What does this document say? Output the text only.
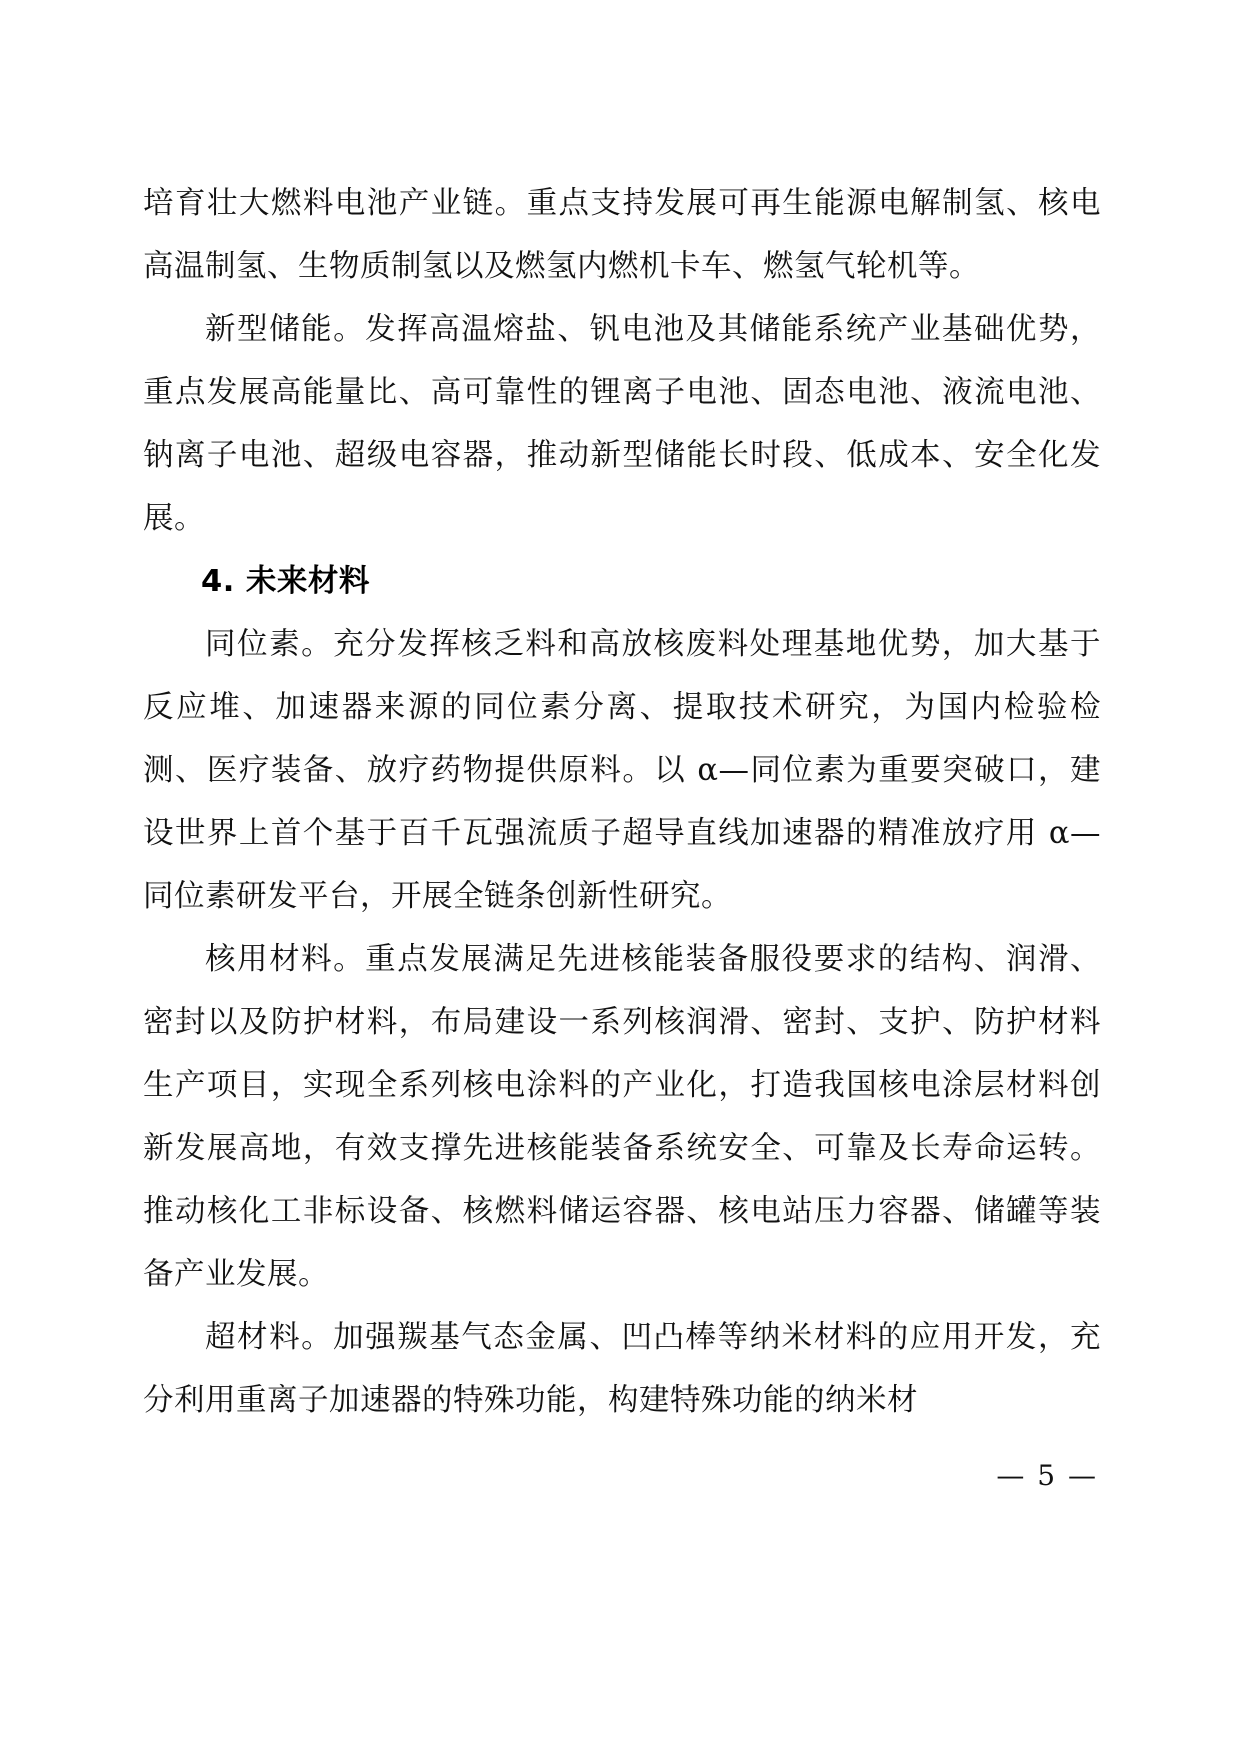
培育壮大燃料电池产业链。重点支持发展可再生能源电解制氢、核电高温制氢、生物质制氢以及燃氢内燃机卡车、燃氢气轮机等。

新型储能。发挥高温熔盐、钒电池及其储能系统产业基础优势，重点发展高能量比、高可靠性的锂离子电池、固态电池、液流电池、钠离子电池、超级电容器，推动新型储能长时段、低成本、安全化发展。

4. 未来材料

同位素。充分发挥核乏料和高放核废料处理基地优势，加大基于反应堆、加速器来源的同位素分离、提取技术研究，为国内检验检测、医疗装备、放疗药物提供原料。以 α—同位素为重要突破口，建设世界上首个基于百千瓦强流质子超导直线加速器的精准放疗用 α—同位素研发平台，开展全链条创新性研究。

核用材料。重点发展满足先进核能装备服役要求的结构、润滑、密封以及防护材料，布局建设一系列核润滑、密封、支护、防护材料生产项目，实现全系列核电涂料的产业化，打造我国核电涂层材料创新发展高地，有效支撑先进核能装备系统安全、可靠及长寿命运转。推动核化工非标设备、核燃料储运容器、核电站压力容器、储罐等装备产业发展。

超材料。加强羰基气态金属、凹凸棒等纳米材料的应用开发，充分利用重离子加速器的特殊功能，构建特殊功能的纳米材

— 5 —
